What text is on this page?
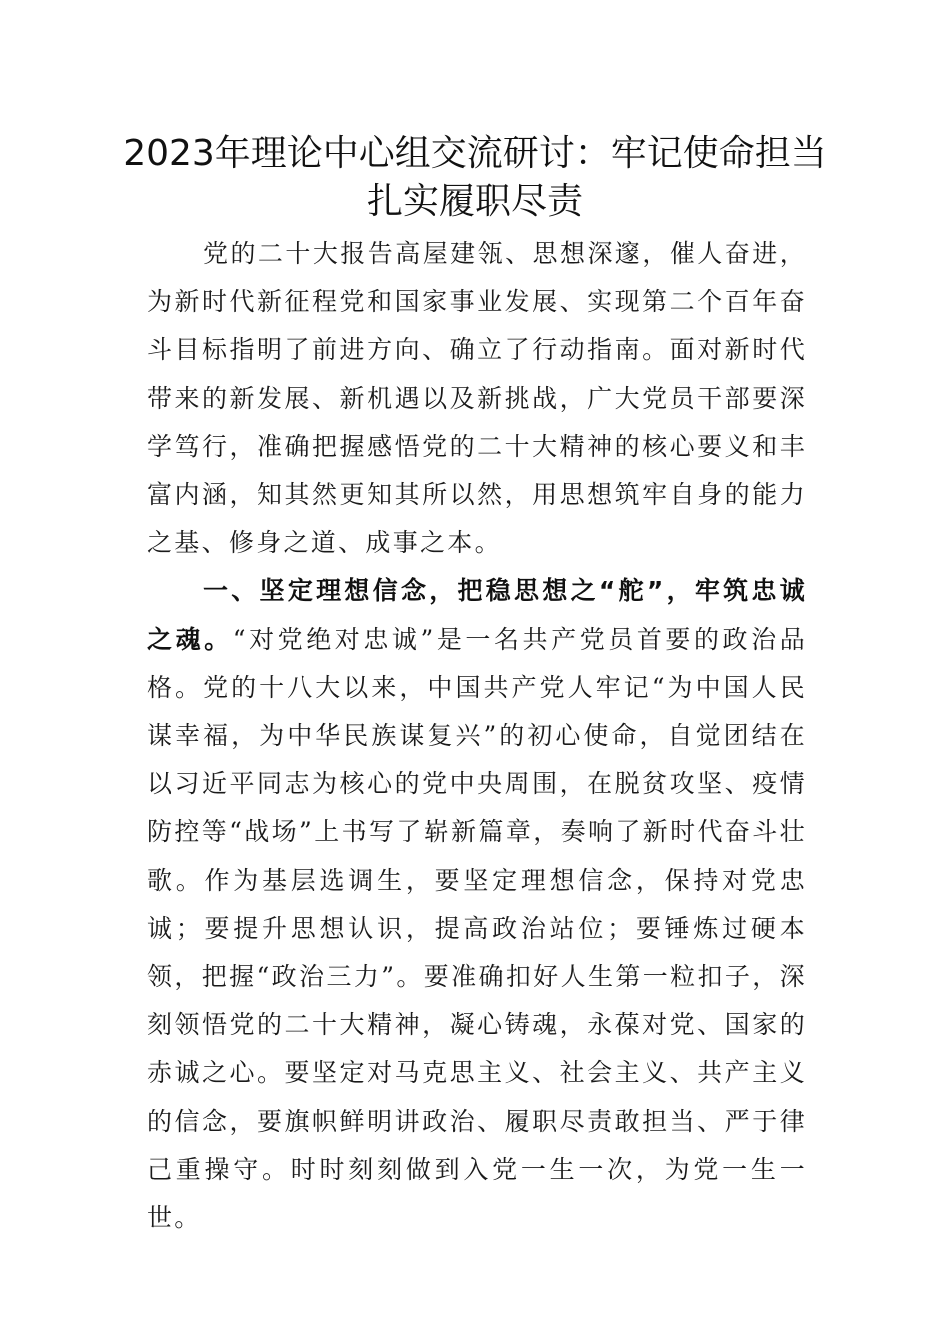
2023年理论中心组交流研讨：牢记使命担当扎实履职尽责

党的二十大报告高屋建瓴、思想深邃，催人奋进，为新时代新征程党和国家事业发展、实现第二个百年奋斗目标指明了前进方向、确立了行动指南。面对新时代带来的新发展、新机遇以及新挑战，广大党员干部要深学笃行，准确把握感悟党的二十大精神的核心要义和丰富内涵，知其然更知其所以然，用思想筑牢自身的能力之基、修身之道、成事之本。

一、坚定理想信念，把稳思想之“舵”，牢筑忠诚之魂。“对党绝对忠诚”是一名共产党员首要的政治品格。党的十八大以来，中国共产党人牢记“为中国人民谋幸福，为中华民族谋复兴”的初心使命，自觉团结在以习近平同志为核心的党中央周围，在脱贫攻坚、疫情防控等“战场”上书写了崭新篇章，奏响了新时代奋斗壮歌。作为基层选调生，要坚定理想信念，保持对党忠诚；要提升思想认识，提高政治站位；要锤炼过硬本领，把握“政治三力”。要准确扣好人生第一粒扣子，深刻领悟党的二十大精神，凝心铸魂，永葆对党、国家的赤诚之心。要坚定对马克思主义、社会主义、共产主义的信念，要旗帜鲜明讲政治、履职尽责敢担当、严于律己重操守。时时刻刻做到入党一生一次，为党一生一世。
